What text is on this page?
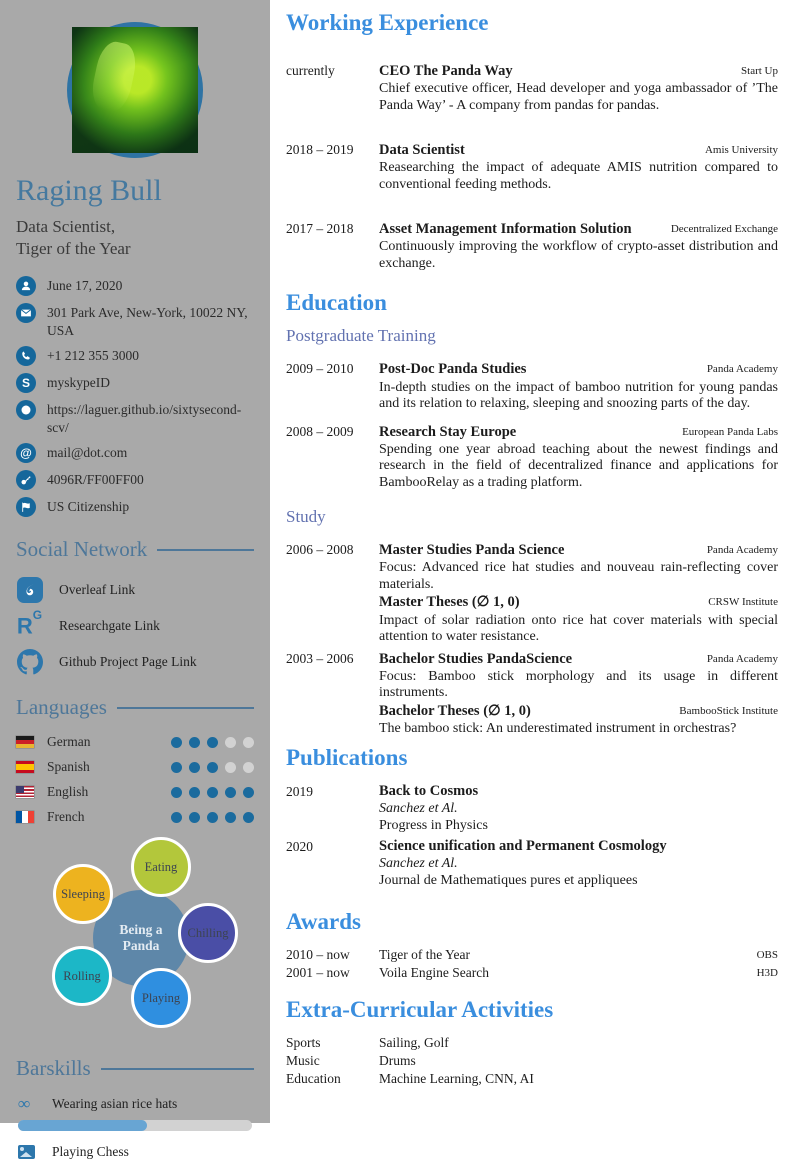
Raging Bull
Data Scientist,
Tiger of the Year
June 17, 2020
301 Park Ave, New-York, 10022 NY, USA
+1 212 355 3000
S	myskypeID
https://laguer.github.io/sixtysecond-scv/
@	mail@dot.com
4096R/FF00FF00
US Citizenship
Social Network
Overleaf Link
$R^G$
Researchgate Link
Github Project Page Link
Languages
German
Spanish
English
French
Being a
Panda
Eating
Sleeping
Chilling
Rolling
Playing
Barskills
∞	Wearing asian rice hats
Playing Chess
Working Experience
currently	CEO The Panda Way	Start Up
Chief executive officer, Head developer and yoga ambassador of ’The Panda Way’ - A company from pandas for pandas.
2018 – 2019	Data Scientist	Amis University
Reasearching the impact of adequate AMIS nutrition compared to conventional feeding methods.
2017 – 2018	Asset Management Information Solution	Decentralized Exchange
Continuously improving the workflow of crypto-asset distribution and exchange.
Education
Postgraduate Training
2009 – 2010	Post-Doc Panda Studies	Panda Academy
In-depth studies on the impact of bamboo nutrition for young pandas and its relation to relaxing, sleeping and snoozing parts of the day.
2008 – 2009	Research Stay Europe	European Panda Labs
Spending one year abroad teaching about the newest findings and research in the field of decentralized finance and applications for BambooRelay as a trading platform.
Study
2006 – 2008	Master Studies Panda Science	Panda Academy
Focus: Advanced rice hat studies and nouveau rain-reflecting cover materials.
Master Theses (∅ 1, 0)	CRSW Institute
Impact of solar radiation onto rice hat cover materials with special attention to water resistance.
2003 – 2006	Bachelor Studies PandaScience	Panda Academy
Focus: Bamboo stick morphology and its usage in different instruments.
Bachelor Theses (∅ 1, 0)	BambooStick Institute
The bamboo stick: An underestimated instrument in orchestras?
Publications
2019	Back to Cosmos
Sanchez et Al.
Progress in Physics
2020	Science unification and Permanent Cosmology
Sanchez et Al.
Journal de Mathematiques pures et appliquees
Awards
2010 – now	Tiger of the Year	OBS
2001 – now	Voila Engine Search	H3D
Extra-Curricular Activities
Sports	Sailing, Golf
Music	Drums
Education	Machine Learning, CNN, AI
